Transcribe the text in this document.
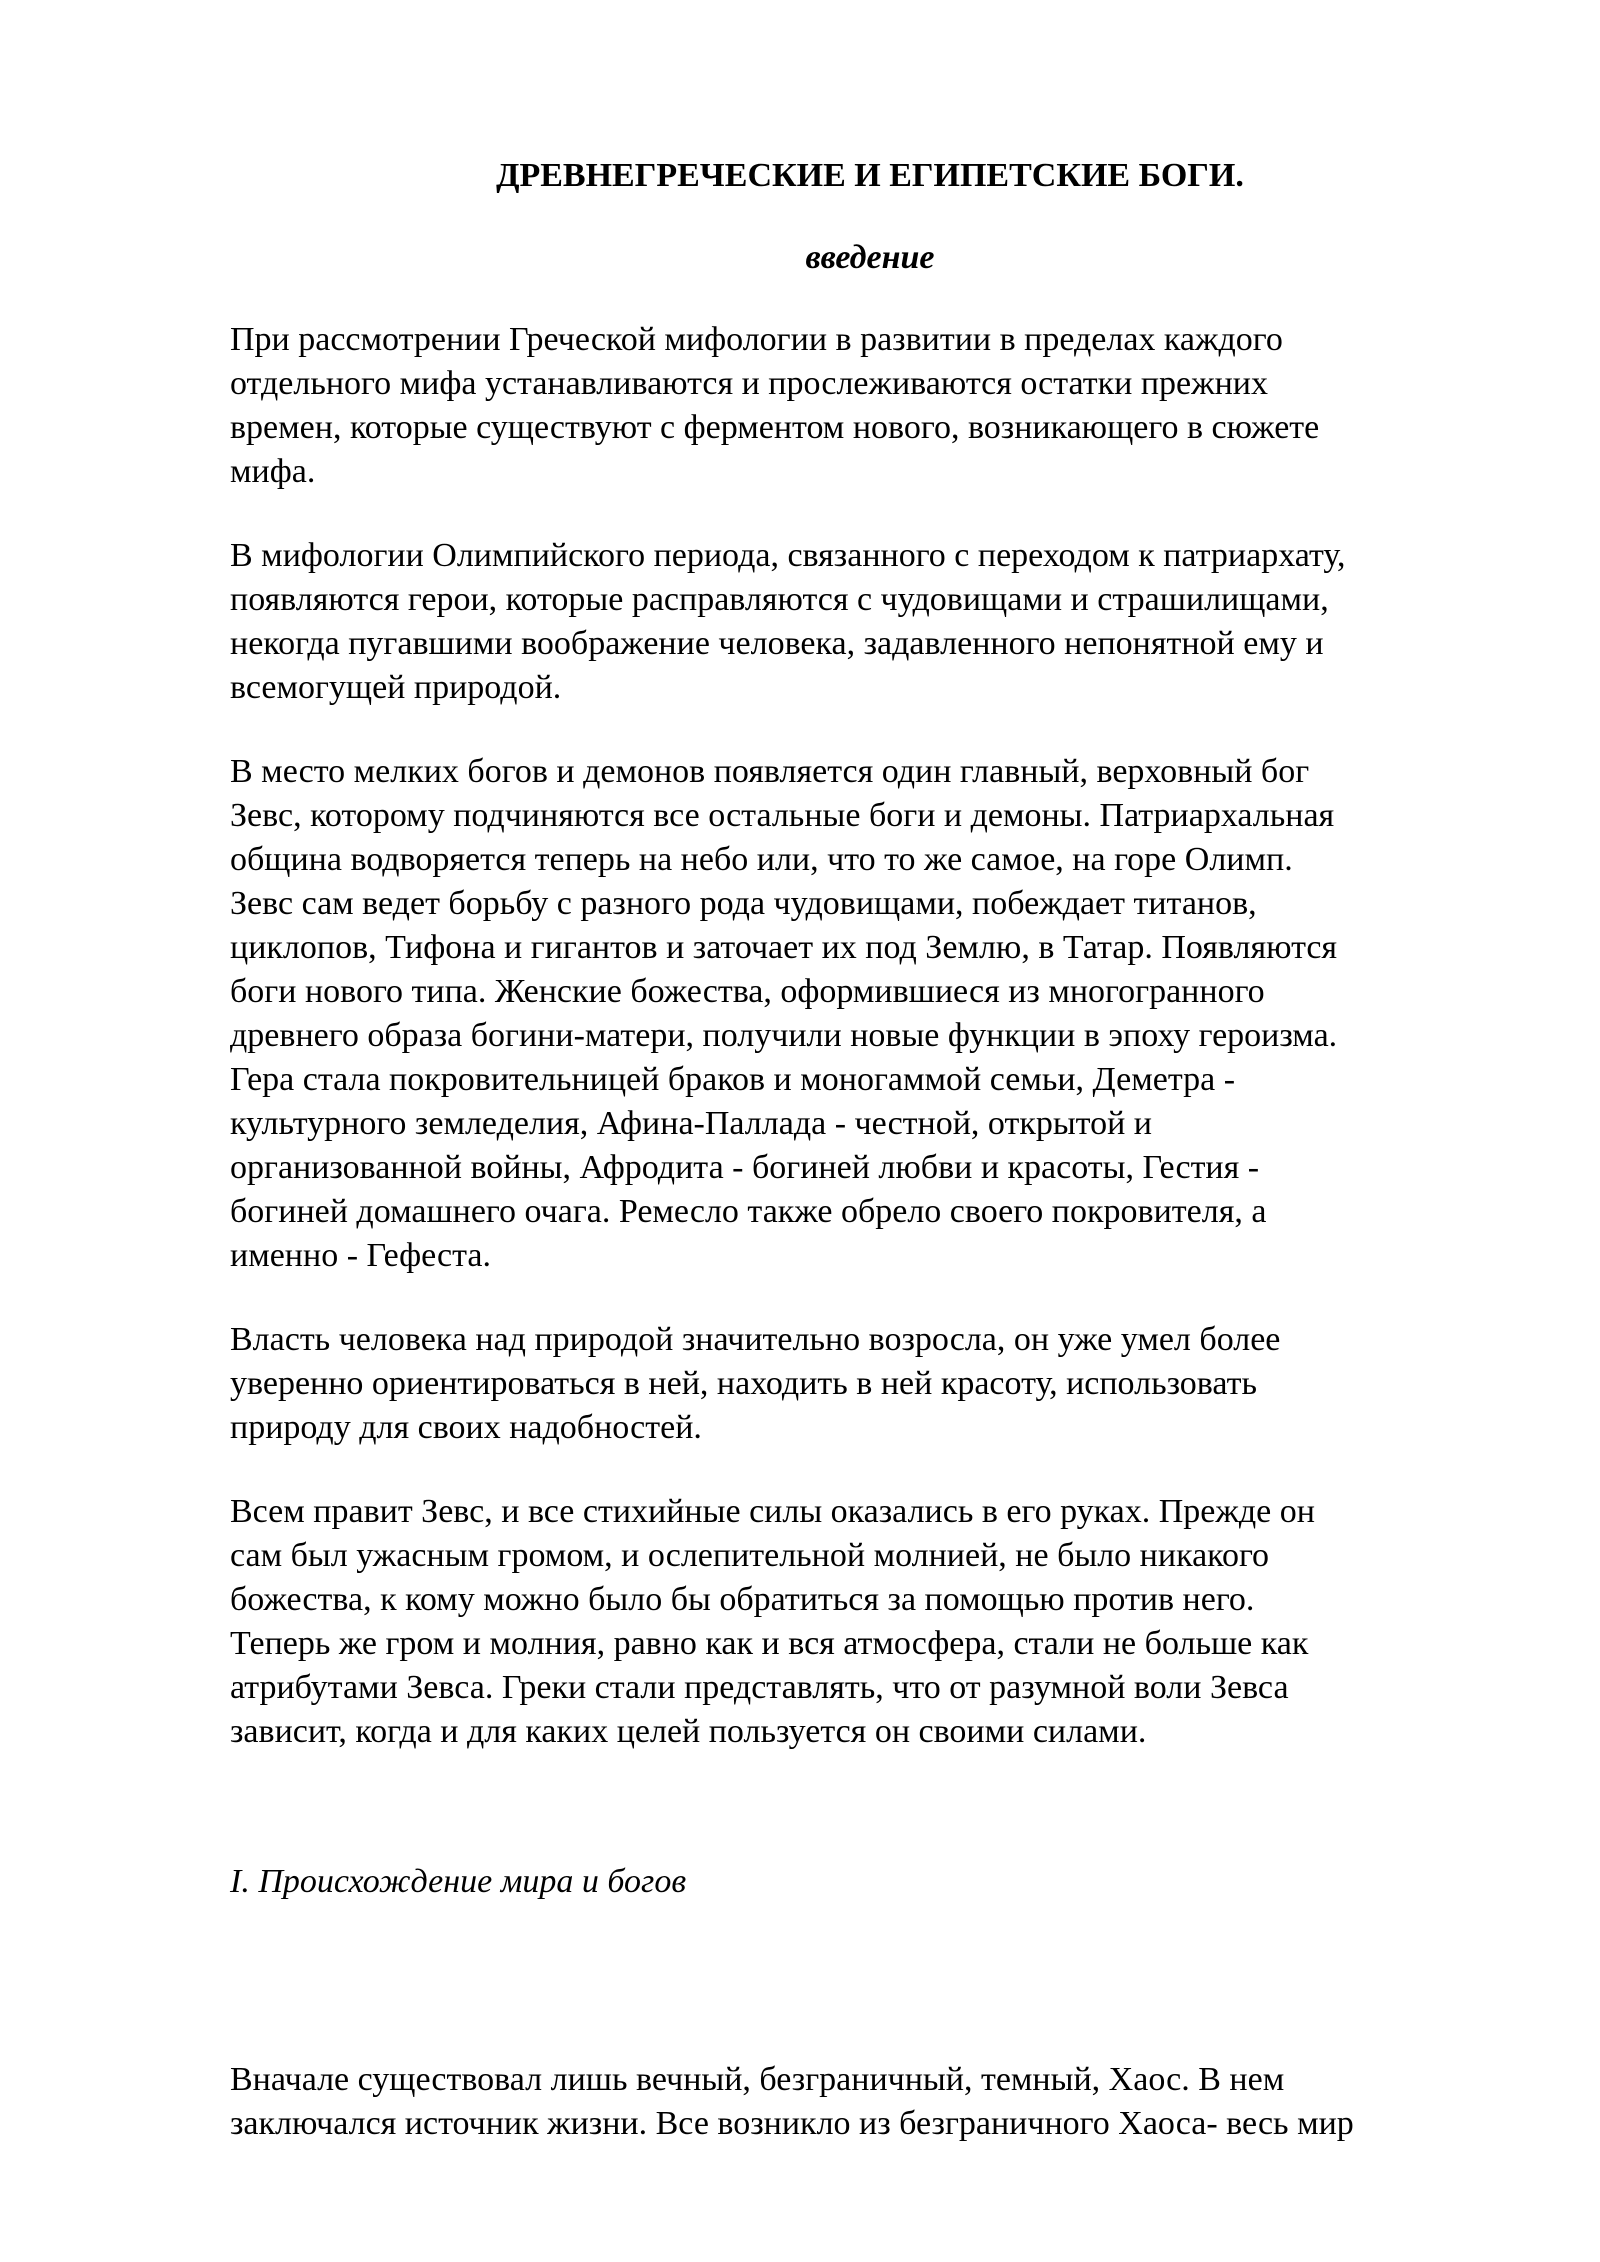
ДРЕВНЕГРЕЧЕСКИЕ И ЕГИПЕТСКИЕ БОГИ.
введение

При рассмотрении Греческой мифологии в развитии в пределах каждого
отдельного мифа устанавливаются и прослеживаются остатки прежних
времен, которые существуют с ферментом нового, возникающего в сюжете
мифа.

В мифологии Олимпийского периода, связанного с переходом к патриархату,
появляются герои, которые расправляются с чудовищами и страшилищами,
некогда пугавшими воображение человека, задавленного непонятной ему и
всемогущей природой.

В место мелких богов и демонов появляется один главный, верховный бог
Зевс, которому подчиняются все остальные боги и демоны. Патриархальная
община водворяется теперь на небо или, что то же самое, на горе Олимп.
Зевс сам ведет борьбу с разного рода чудовищами, побеждает титанов,
циклопов, Тифона и гигантов и заточает их под Землю, в Татар. Появляются
боги нового типа. Женские божества, оформившиеся из многогранного
древнего образа богини-матери, получили новые функции в эпоху героизма.
Гера стала покровительницей браков и моногаммой семьи, Деметра -
культурного земледелия, Афина-Паллада - честной, открытой и
организованной войны, Афродита - богиней любви и красоты, Гестия -
богиней домашнего очага. Ремесло также обрело своего покровителя, а
именно - Гефеста.

Власть человека над природой значительно возросла, он уже умел более
уверенно ориентироваться в ней, находить в ней красоту, использовать
природу для своих надобностей.

Всем правит Зевс, и все стихийные силы оказались в его руках. Прежде он
сам был ужасным громом, и ослепительной молнией, не было никакого
божества, к кому можно было бы обратиться за помощью против него.
Теперь же гром и молния, равно как и вся атмосфера, стали не больше как
атрибутами Зевса. Греки стали представлять, что от разумной воли Зевса
зависит, когда и для каких целей пользуется он своими силами.

I. Происхождение мира и богов

Вначале существовал лишь вечный, безграничный, темный, Хаос. В нем
заключался источник жизни. Все возникло из безграничного Хаоса- весь мир
